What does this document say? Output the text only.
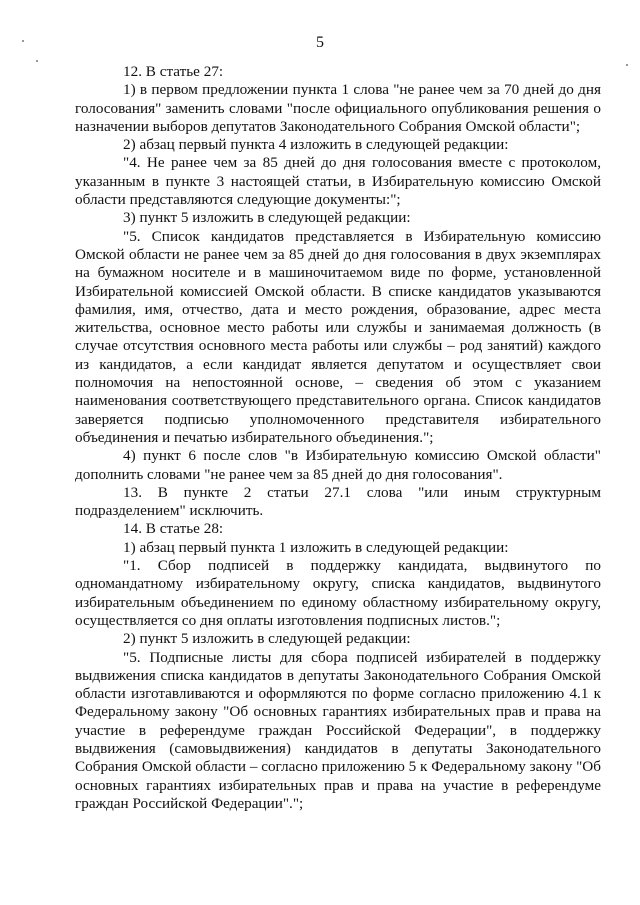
5

12. В статье 27:

1) в первом предложении пункта 1 слова "не ранее чем за 70 дней до дня голосования" заменить словами "после официального опубликования решения о назначении выборов депутатов Законодательного Собрания Омской области";

2) абзац первый пункта 4 изложить в следующей редакции:

"4. Не ранее чем за 85 дней до дня голосования вместе с протоколом, указанным в пункте 3 настоящей статьи, в Избирательную комиссию Омской области представляются следующие документы:";

3) пункт 5 изложить в следующей редакции:

"5. Список кандидатов представляется в Избирательную комиссию Омской области не ранее чем за 85 дней до дня голосования в двух экземплярах на бумажном носителе и в машиночитаемом виде по форме, установленной Избирательной комиссией Омской области. В списке кандидатов указываются фамилия, имя, отчество, дата и место рождения, образование, адрес места жительства, основное место работы или службы и занимаемая должность (в случае отсутствия основного места работы или службы – род занятий) каждого из кандидатов, а если кандидат является депутатом и осуществляет свои полномочия на непостоянной основе, – сведения об этом с указанием наименования соответствующего представительного органа. Список кандидатов заверяется подписью уполномоченного представителя избирательного объединения и печатью избирательного объединения.";

4) пункт 6 после слов "в Избирательную комиссию Омской области" дополнить словами "не ранее чем за 85 дней до дня голосования".

13. В пункте 2 статьи 27.1 слова "или иным структурным подразделением" исключить.

14. В статье 28:

1) абзац первый пункта 1 изложить в следующей редакции:

"1. Сбор подписей в поддержку кандидата, выдвинутого по одномандатному избирательному округу, списка кандидатов, выдвинутого избирательным объединением по единому областному избирательному округу, осуществляется со дня оплаты изготовления подписных листов.";

2) пункт 5 изложить в следующей редакции:

"5. Подписные листы для сбора подписей избирателей в поддержку выдвижения списка кандидатов в депутаты Законодательного Собрания Омской области изготавливаются и оформляются по форме согласно приложению 4.1 к Федеральному закону "Об основных гарантиях избирательных прав и права на участие в референдуме граждан Российской Федерации", в поддержку выдвижения (самовыдвижения) кандидатов в депутаты Законодательного Собрания Омской области – согласно приложению 5 к Федеральному закону "Об основных гарантиях избирательных прав и права на участие в референдуме граждан Российской Федерации".";
